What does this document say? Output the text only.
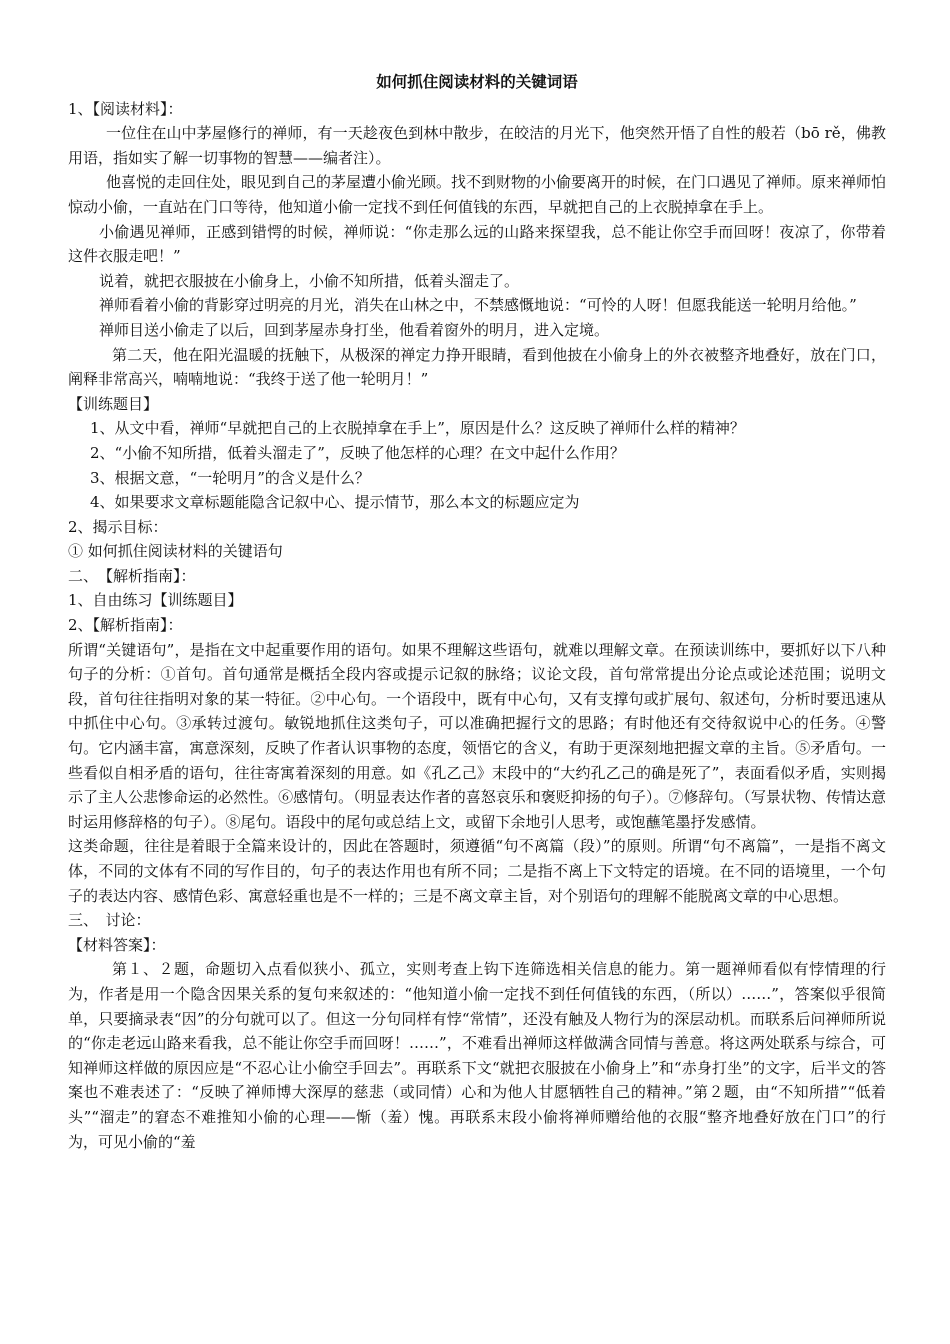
如何抓住阅读材料的关键词语

1、【阅读材料】：

一位住在山中茅屋修行的禅师，有一天趁夜色到林中散步，在皎洁的月光下，他突然开悟了自性的般若（bō rě，佛教用语，指如实了解一切事物的智慧——编者注）。

他喜悦的走回住处，眼见到自己的茅屋遭小偷光顾。找不到财物的小偷要离开的时候，在门口遇见了禅师。原来禅师怕惊动小偷，一直站在门口等待，他知道小偷一定找不到任何值钱的东西，早就把自己的上衣脱掉拿在手上。

小偷遇见禅师，正感到错愕的时候，禅师说：“你走那么远的山路来探望我，总不能让你空手而回呀！夜凉了，你带着这件衣服走吧！”

说着，就把衣服披在小偷身上，小偷不知所措，低着头溜走了。

禅师看着小偷的背影穿过明亮的月光，消失在山林之中，不禁感慨地说：“可怜的人呀！但愿我能送一轮明月给他。”

禅师目送小偷走了以后，回到茅屋赤身打坐，他看着窗外的明月，进入定境。

第二天，他在阳光温暖的抚触下，从极深的禅定力挣开眼睛，看到他披在小偷身上的外衣被整齐地叠好，放在门口，阐释非常高兴，喃喃地说：“我终于送了他一轮明月！”

【训练题目】

1、从文中看，禅师“早就把自己的上衣脱掉拿在手上”，原因是什么？这反映了禅师什么样的精神？

2、“小偷不知所措，低着头溜走了”，反映了他怎样的心理？在文中起什么作用？

3、根据文意，“一轮明月”的含义是什么？

4、如果要求文章标题能隐含记叙中心、提示情节，那么本文的标题应定为

2、揭示目标：

① 如何抓住阅读材料的关键语句

二、　【解析指南】：

1、自由练习【训练题目】

2、【解析指南】：

所谓“关键语句”，是指在文中起重要作用的语句。如果不理解这些语句，就难以理解文章。在预读训练中，要抓好以下八种句子的分析：①首句。首句通常是概括全段内容或提示记叙的脉络；议论文段，首句常常提出分论点或论述范围；说明文段，首句往往指明对象的某一特征。②中心句。一个语段中，既有中心句，又有支撑句或扩展句、叙述句，分析时要迅速从中抓住中心句。③承转过渡句。敏锐地抓住这类句子，可以准确把握行文的思路；有时他还有交待叙说中心的任务。④警句。它内涵丰富，寓意深刻，反映了作者认识事物的态度，领悟它的含义，有助于更深刻地把握文章的主旨。⑤矛盾句。一些看似自相矛盾的语句，往往寄寓着深刻的用意。如《孔乙己》末段中的“大约孔乙己的确是死了”，表面看似矛盾，实则揭示了主人公悲惨命运的必然性。⑥感情句。（明显表达作者的喜怒哀乐和褒贬抑扬的句子）。⑦修辞句。（写景状物、传情达意时运用修辞格的句子）。⑧尾句。语段中的尾句或总结上文，或留下余地引人思考，或饱蘸笔墨抒发感情。

这类命题，往往是着眼于全篇来设计的，因此在答题时，须遵循“句不离篇（段）”的原则。所谓“句不离篇”，一是指不离文体，不同的文体有不同的写作目的，句子的表达作用也有所不同；二是指不离上下文特定的语境。在不同的语境里，一个句子的表达内容、感情色彩、寓意轻重也是不一样的；三是不离文章主旨，对个别语句的理解不能脱离文章的中心思想。

三、　讨论：

【材料答案】：

第１、２题，命题切入点看似狭小、孤立，实则考查上钩下连筛选相关信息的能力。第一题禅师看似有悖情理的行为，作者是用一个隐含因果关系的复句来叙述的：“他知道小偷一定找不到任何值钱的东西，（所以）……”，答案似乎很简单，只要摘录表“因”的分句就可以了。但这一分句同样有悖“常情”，还没有触及人物行为的深层动机。而联系后问禅师所说的“你走老远山路来看我，总不能让你空手而回呀！……”，不难看出禅师这样做满含同情与善意。将这两处联系与综合，可知禅师这样做的原因应是“不忍心让小偷空手回去”。再联系下文“就把衣服披在小偷身上”和“赤身打坐”的文字，后半文的答案也不难表述了：“反映了禅师博大深厚的慈悲（或同情）心和为他人甘愿牺牲自己的精神。”第２题，由“不知所措”“低着头”“溜走”的窘态不难推知小偷的心理——惭（羞）愧。再联系末段小偷将禅师赠给他的衣服“整齐地叠好放在门口”的行为，可见小偷的“羞
